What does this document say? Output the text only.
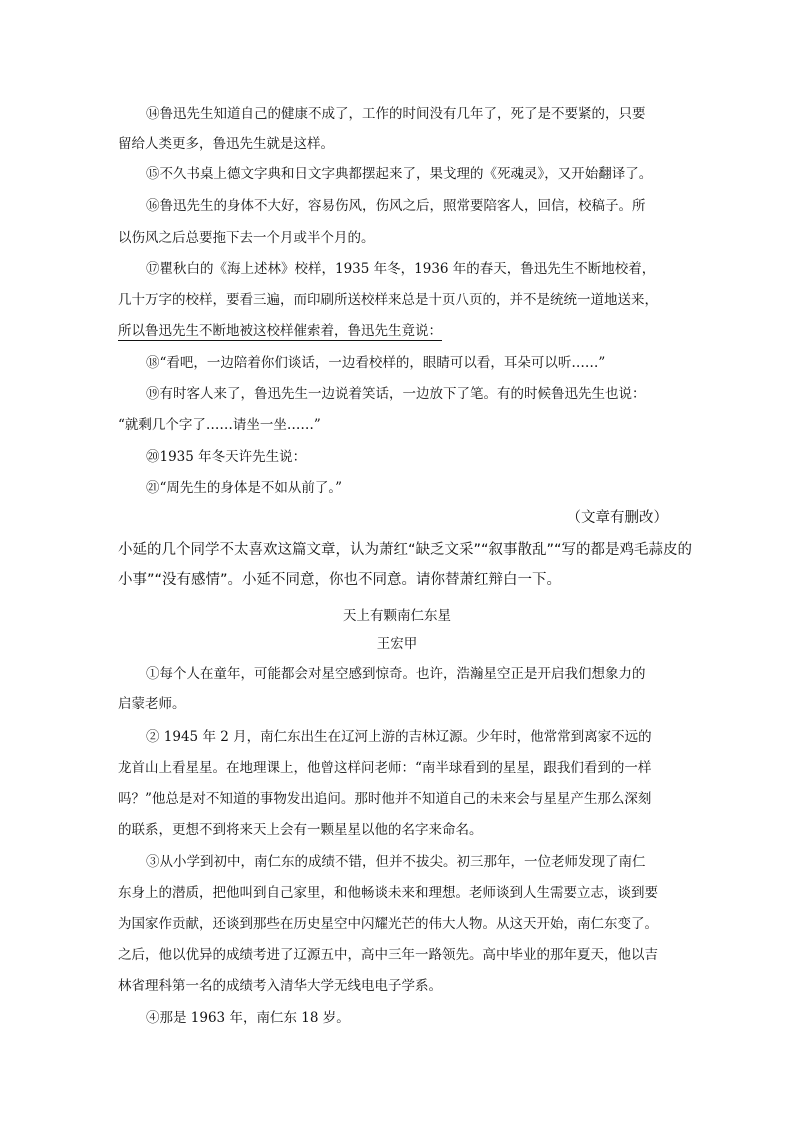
⑭鲁迅先生知道自己的健康不成了，工作的时间没有几年了，死了是不要紧的，只要
留给人类更多，鲁迅先生就是这样。
⑮不久书桌上德文字典和日文字典都摆起来了，果戈理的《死魂灵》，又开始翻译了。
⑯鲁迅先生的身体不大好，容易伤风，伤风之后，照常要陪客人，回信，校稿子。所
以伤风之后总要拖下去一个月或半个月的。
⑰瞿秋白的《海上述林》校样，1935 年冬，1936 年的春天，鲁迅先生不断地校着，
几十万字的校样，要看三遍，而印刷所送校样来总是十页八页的，并不是统统一道地送来，
所以鲁迅先生不断地被这校样催索着，鲁迅先生竟说：
⑱“看吧，一边陪着你们谈话，一边看校样的，眼睛可以看，耳朵可以听……”
⑲有时客人来了，鲁迅先生一边说着笑话，一边放下了笔。有的时候鲁迅先生也说：
“就剩几个字了……请坐一坐……”
⑳1935 年冬天许先生说：
㉑“周先生的身体是不如从前了。”
（文章有删改）
小延的几个同学不太喜欢这篇文章，认为萧红“缺乏文采”“叙事散乱”“写的都是鸡毛蒜皮的
小事”“没有感情”。小延不同意，你也不同意。请你替萧红辩白一下。
天上有颗南仁东星
王宏甲
①每个人在童年，可能都会对星空感到惊奇。也许，浩瀚星空正是开启我们想象力的
启蒙老师。
② 1945 年 2 月，南仁东出生在辽河上游的吉林辽源。少年时，他常常到离家不远的
龙首山上看星星。在地理课上，他曾这样问老师：“南半球看到的星星，跟我们看到的一样
吗？”他总是对不知道的事物发出追问。那时他并不知道自己的未来会与星星产生那么深刻
的联系，更想不到将来天上会有一颗星星以他的名字来命名。
③从小学到初中，南仁东的成绩不错，但并不拔尖。初三那年，一位老师发现了南仁
东身上的潜质，把他叫到自己家里，和他畅谈未来和理想。老师谈到人生需要立志，谈到要
为国家作贡献，还谈到那些在历史星空中闪耀光芒的伟大人物。从这天开始，南仁东变了。
之后，他以优异的成绩考进了辽源五中，高中三年一路领先。高中毕业的那年夏天，他以吉
林省理科第一名的成绩考入清华大学无线电电子学系。
④那是 1963 年，南仁东 18 岁。
